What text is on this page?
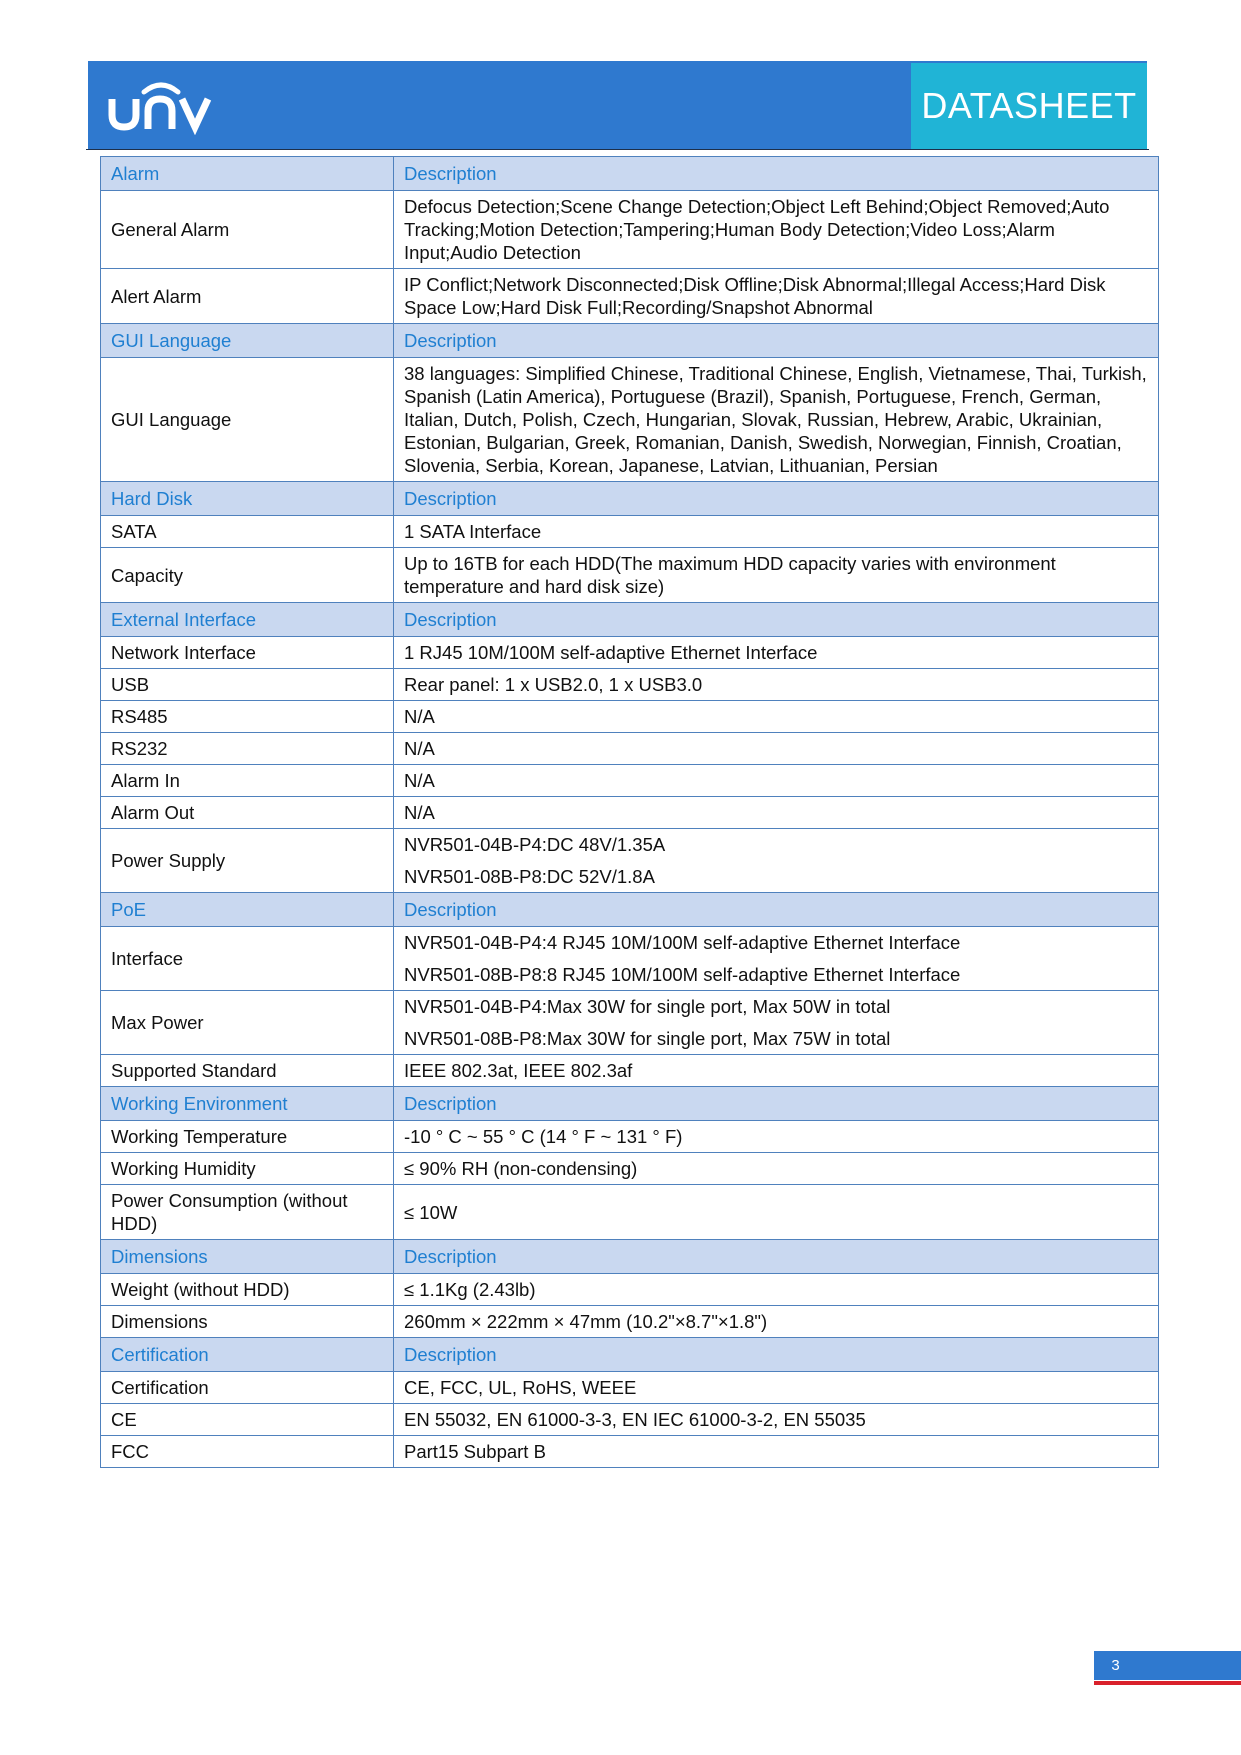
DATASHEET
Alarm	Description
General Alarm	Defocus Detection;Scene Change Detection;Object Left Behind;Object Removed;Auto Tracking;Motion Detection;Tampering;Human Body Detection;Video Loss;Alarm Input;Audio Detection

Alert Alarm	IP Conflict;Network Disconnected;Disk Offline;Disk Abnormal;Illegal Access;Hard Disk Space Low;Hard Disk Full;Recording/Snapshot Abnormal

GUI Language	Description
GUI Language	38 languages: Simplified Chinese, Traditional Chinese, English, Vietnamese, Thai, Turkish, Spanish (Latin America), Portuguese (Brazil), Spanish, Portuguese, French, German, Italian, Dutch, Polish, Czech, Hungarian, Slovak, Russian, Hebrew, Arabic, Ukrainian, Estonian, Bulgarian, Greek, Romanian, Danish, Swedish, Norwegian, Finnish, Croatian, Slovenia, Serbia, Korean, Japanese, Latvian, Lithuanian, Persian

Hard Disk	Description
SATA	1 SATA Interface

Capacity	Up to 16TB for each HDD(The maximum HDD capacity varies with environment temperature and hard disk size)

External Interface	Description
Network Interface	1 RJ45 10M/100M self-adaptive Ethernet Interface

USB	Rear panel: 1 x USB2.0, 1 x USB3.0

RS485	N/A

RS232	N/A

Alarm In	N/A

Alarm Out	N/A

Power Supply	NVR501-04B-P4:DC 48V/1.35A

NVR501-08B-P8:DC 52V/1.8A

PoE	Description
Interface	NVR501-04B-P4:4 RJ45 10M/100M self-adaptive Ethernet Interface

NVR501-08B-P8:8 RJ45 10M/100M self-adaptive Ethernet Interface

Max Power	NVR501-04B-P4:Max 30W for single port, Max 50W in total

NVR501-08B-P8:Max 30W for single port, Max 75W in total

Supported Standard	IEEE 802.3at, IEEE 802.3af

Working Environment	Description
Working Temperature	-10 ° C ~ 55 ° C (14 ° F ~ 131 ° F)

Working Humidity	≤ 90% RH (non-condensing)

Power Consumption (without HDD)	≤ 10W

Dimensions	Description
Weight (without HDD)	≤ 1.1Kg (2.43lb)

Dimensions	260mm × 222mm × 47mm (10.2"×8.7"×1.8")

Certification	Description
Certification	CE, FCC, UL, RoHS, WEEE

CE	EN 55032, EN 61000-3-3, EN IEC 61000-3-2, EN 55035

FCC	Part15 Subpart B

3
